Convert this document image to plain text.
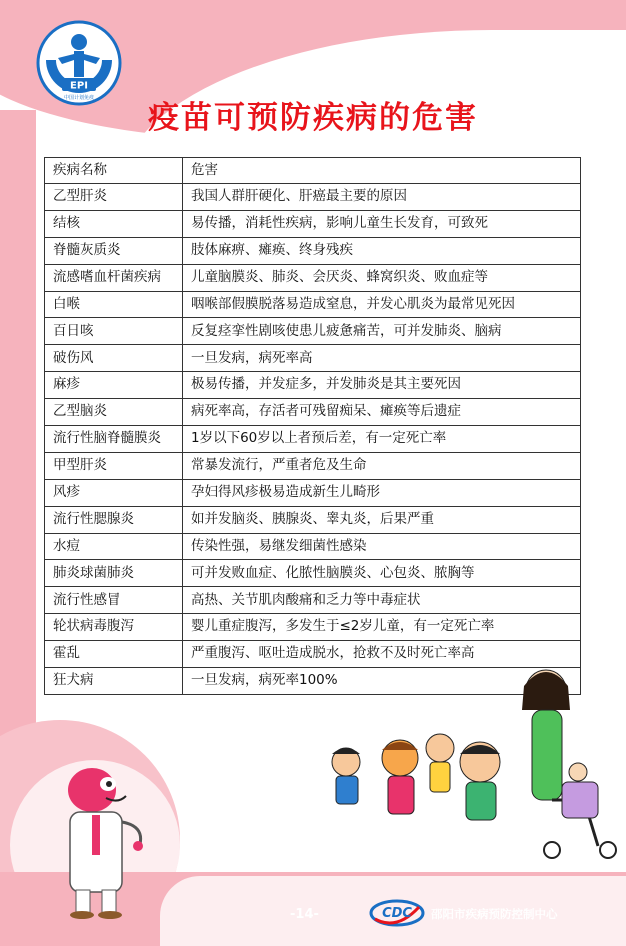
EPI
中国计划免疫
疫苗可预防疾病的危害
疾病名称	危害
乙型肝炎	我国人群肝硬化、肝癌最主要的原因
结核	易传播，消耗性疾病，影响儿童生长发育，可致死
脊髓灰质炎	肢体麻痹、瘫痪、终身残疾
流感嗜血杆菌疾病	儿童脑膜炎、肺炎、会厌炎、蜂窝织炎、败血症等
白喉	咽喉部假膜脱落易造成窒息，并发心肌炎为最常见死因
百日咳	反复痉挛性剧咳使患儿疲惫痛苦，可并发肺炎、脑病
破伤风	一旦发病，病死率高
麻疹	极易传播，并发症多，并发肺炎是其主要死因
乙型脑炎	病死率高，存活者可残留痴呆、瘫痪等后遗症
流行性脑脊髓膜炎	1岁以下60岁以上者预后差，有一定死亡率
甲型肝炎	常暴发流行，严重者危及生命
风疹	孕妇得风疹极易造成新生儿畸形
流行性腮腺炎	如并发脑炎、胰腺炎、睾丸炎，后果严重
水痘	传染性强，易继发细菌性感染
肺炎球菌肺炎	可并发败血症、化脓性脑膜炎、心包炎、脓胸等
流行性感冒	高热、关节肌肉酸痛和乏力等中毒症状
轮状病毒腹泻	婴儿重症腹泻，多发生于≤2岁儿童，有一定死亡率
霍乱	严重腹泻、呕吐造成脱水，抢救不及时死亡率高
狂犬病	一旦发病，病死率100%
-14-	CDC 邵阳市疾病预防控制中心
